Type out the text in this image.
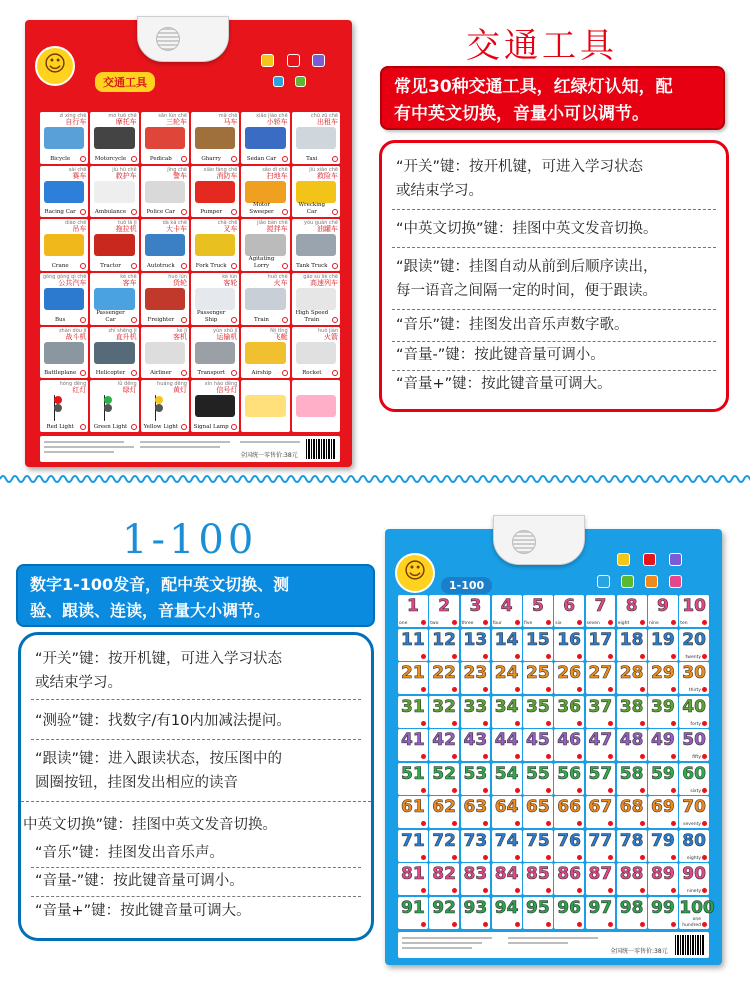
☺
交通工具
zì xíng chē
自行车
Bicycle
mó tuō chē
摩托车
Motorcycle
sān lún chē
三轮车
Pedicab
mǎ chē
马车
Gharry
xiǎo jiào chē
小轿车
Sedan Car
chū zū chē
出租车
Taxi
sài chē
赛车
Racing Car
jiù hù chē
救护车
Ambulance
jǐng chē
警车
Police Car
xiāo fáng chē
消防车
Pumper
sǎo dì chē
扫地车
Motor Sweeper
jiù xiǎn chē
救险车
Wrecking Car
diào chē
吊车
Crane
tuō lā jī
拖拉机
Tractor
dà kǎ chē
大卡车
Autotruck
chā chē
叉车
Fork Truck
jiǎo bàn chē
搅拌车
Agitating Lorry
yóu guàn chē
油罐车
Tank Truck
gōng gòng qì chē
公共汽车
Bus
kè chē
客车
Passenger Car
huò lún
货轮
Freighter
kè lún
客轮
Passenger Ship
huǒ chē
火车
Train
gāo sù liè chē
高速列车
High Speed Train
zhàn dòu jī
战斗机
Battleplane
zhí shēng jī
直升机
Helicopter
kè jī
客机
Airliner
yùn shū jī
运输机
Transport
fēi tǐng
飞艇
Airship
huǒ jiàn
火箭
Rocket
hóng dēng
红灯
Red Light
lǜ dēng
绿灯
Green Light
huáng dēng
黄灯
Yellow Light
xìn hào dēng
信号灯
Signal Lamp
全国统一零售价:38元
交通工具
常见30种交通工具，红绿灯认知，配
有中英文切换，音量小可以调节。
“开关”键：按开机键，可进入学习状态
或结束学习。
“中英文切换”键：挂图中英文发音切换。
“跟读”键：挂图自动从前到后顺序读出，
每一语音之间隔一定的时间，便于跟读。
“音乐”键：挂图发出音乐声数字歌。
“音量-”键：按此键音量可调小。
“音量+”键：按此键音量可调大。
1-100
数字1-100发音，配中英文切换、测
验、跟读、连读，音量大小调节。
“开关”键：按开机键，可进入学习状态
或结束学习。
“测验”键：找数字/有10内加减法提问。
“跟读”键：进入跟读状态，按压图中的
圆圈按钮，挂图发出相应的读音
中英文切换”键：挂图中英文发音切换。
“音乐”键：挂图发出音乐声。
“音量-”键：按此键音量可调小。
“音量+”键：按此键音量可调大。
☺
1-100
1
one
2
two
3
three
4
four
5
five
6
six
7
seven
8
eight
9
nine
10
ten
11 12 13 14 15 16 17 18 19 20
twenty
21 22 23 24 25 26 27 28 29 30
thirty
31 32 33 34 35 36 37 38 39 40
forty
41 42 43 44 45 46 47 48 49 50
fifty
51 52 53 54 55 56 57 58 59 60
sixty
61 62 63 64 65 66 67 68 69 70
seventy
71 72 73 74 75 76 77 78 79 80
eighty
81 82 83 84 85 86 87 88 89 90
ninety
91 92 93 94 95 96 97 98 99 100
one hundred
全国统一零售价:38元
